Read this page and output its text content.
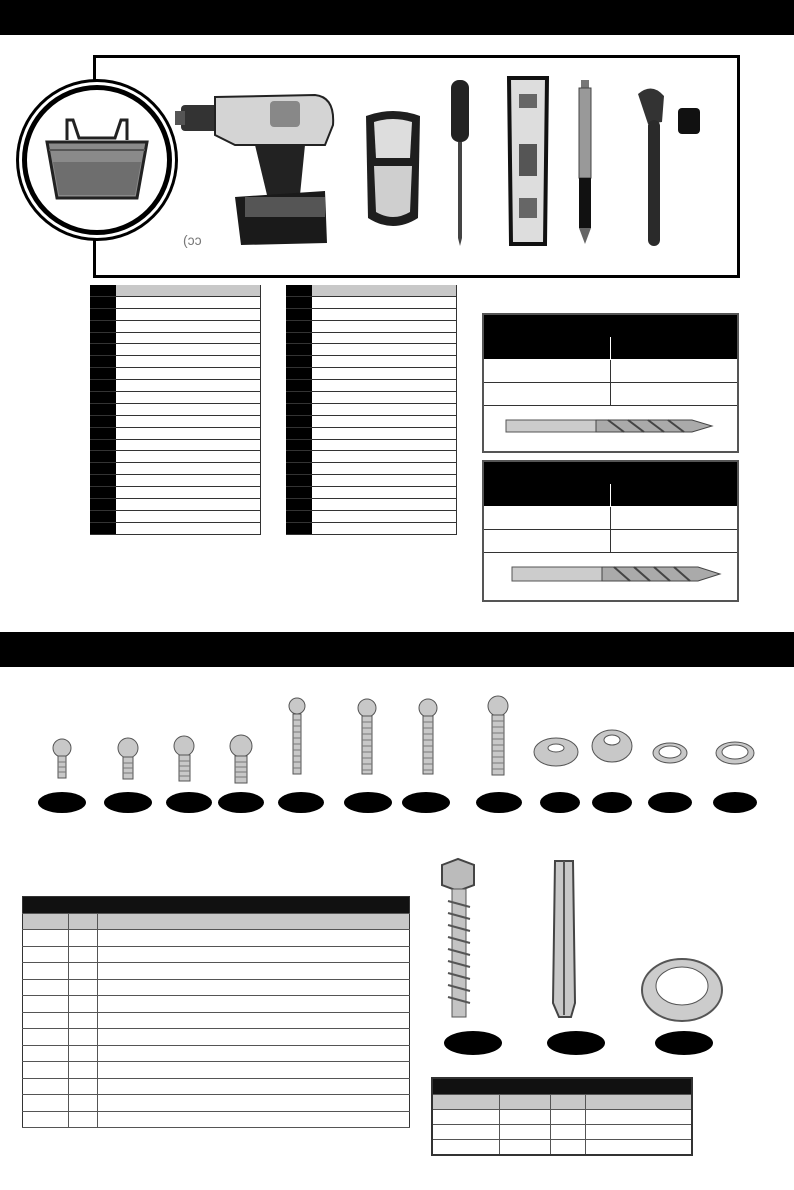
(ɔɔ
